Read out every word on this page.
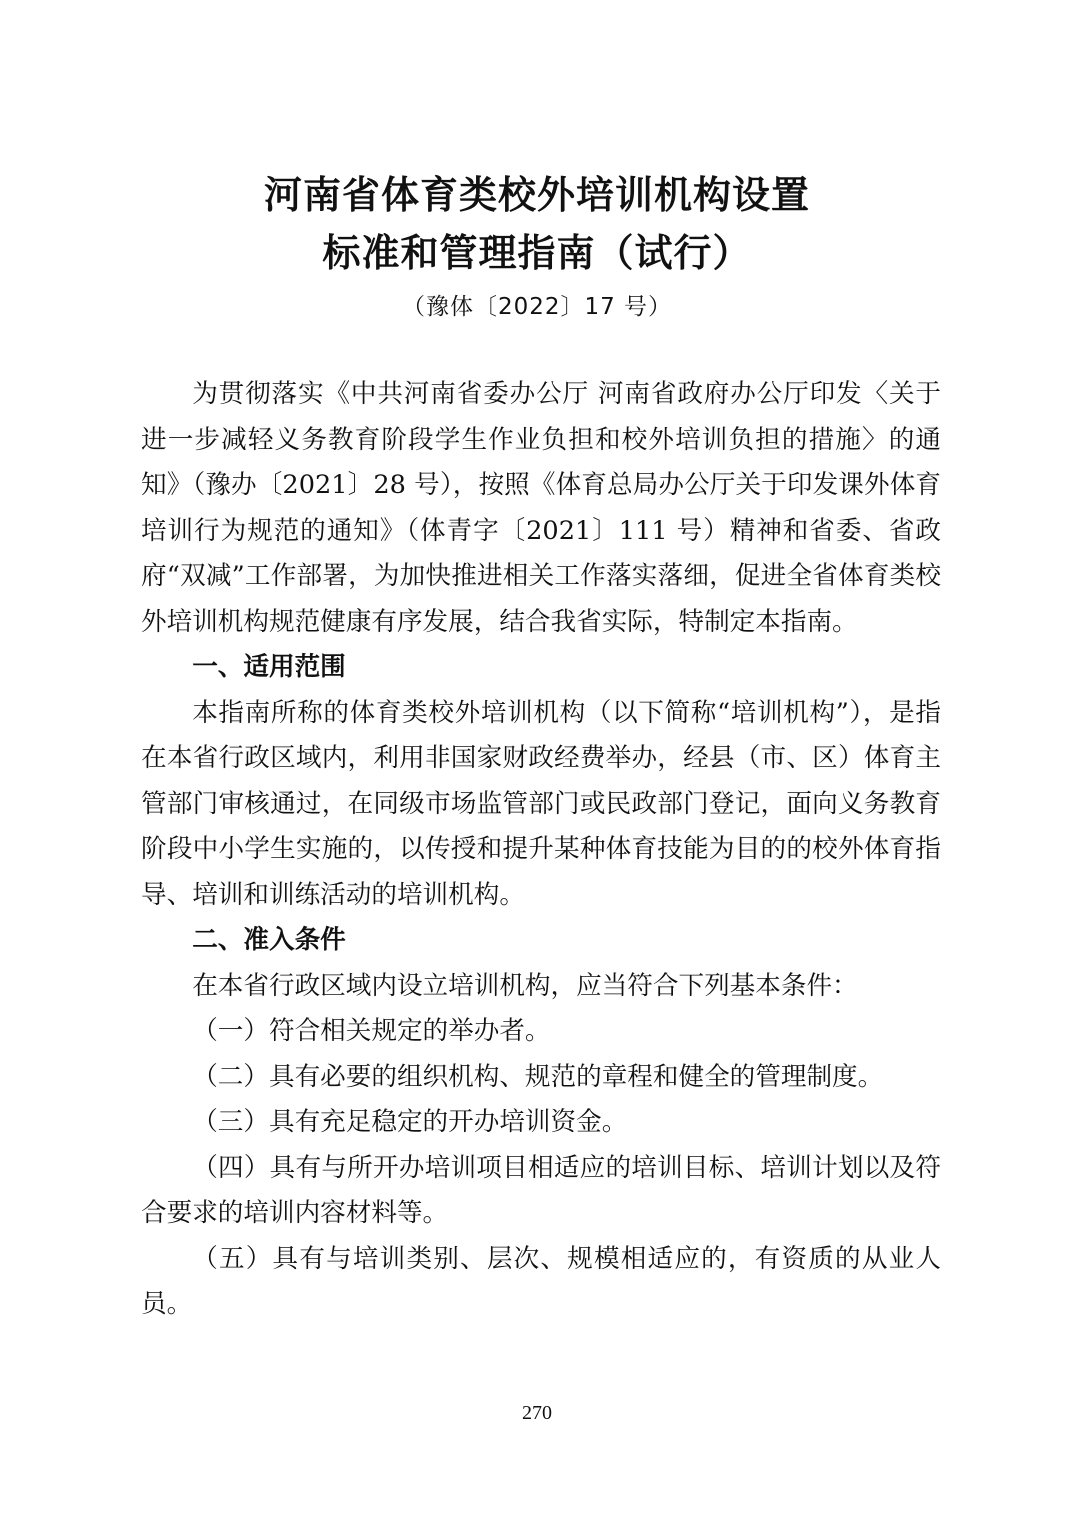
河南省体育类校外培训机构设置
标准和管理指南（试行）
（豫体〔2022〕17 号）

为贯彻落实《中共河南省委办公厅 河南省政府办公厅印发〈关于进一步减轻义务教育阶段学生作业负担和校外培训负担的措施〉的通知》（豫办〔2021〕28 号），按照《体育总局办公厅关于印发课外体育培训行为规范的通知》（体青字〔2021〕111 号）精神和省委、省政府“双减”工作部署，为加快推进相关工作落实落细，促进全省体育类校外培训机构规范健康有序发展，结合我省实际，特制定本指南。

一、适用范围

本指南所称的体育类校外培训机构（以下简称“培训机构”），是指在本省行政区域内，利用非国家财政经费举办，经县（市、区）体育主管部门审核通过，在同级市场监管部门或民政部门登记，面向义务教育阶段中小学生实施的，以传授和提升某种体育技能为目的的校外体育指导、培训和训练活动的培训机构。

二、准入条件

在本省行政区域内设立培训机构，应当符合下列基本条件：

（一）符合相关规定的举办者。

（二）具有必要的组织机构、规范的章程和健全的管理制度。

（三）具有充足稳定的开办培训资金。

（四）具有与所开办培训项目相适应的培训目标、培训计划以及符合要求的培训内容材料等。

（五）具有与培训类别、层次、规模相适应的，有资质的从业人员。

270
